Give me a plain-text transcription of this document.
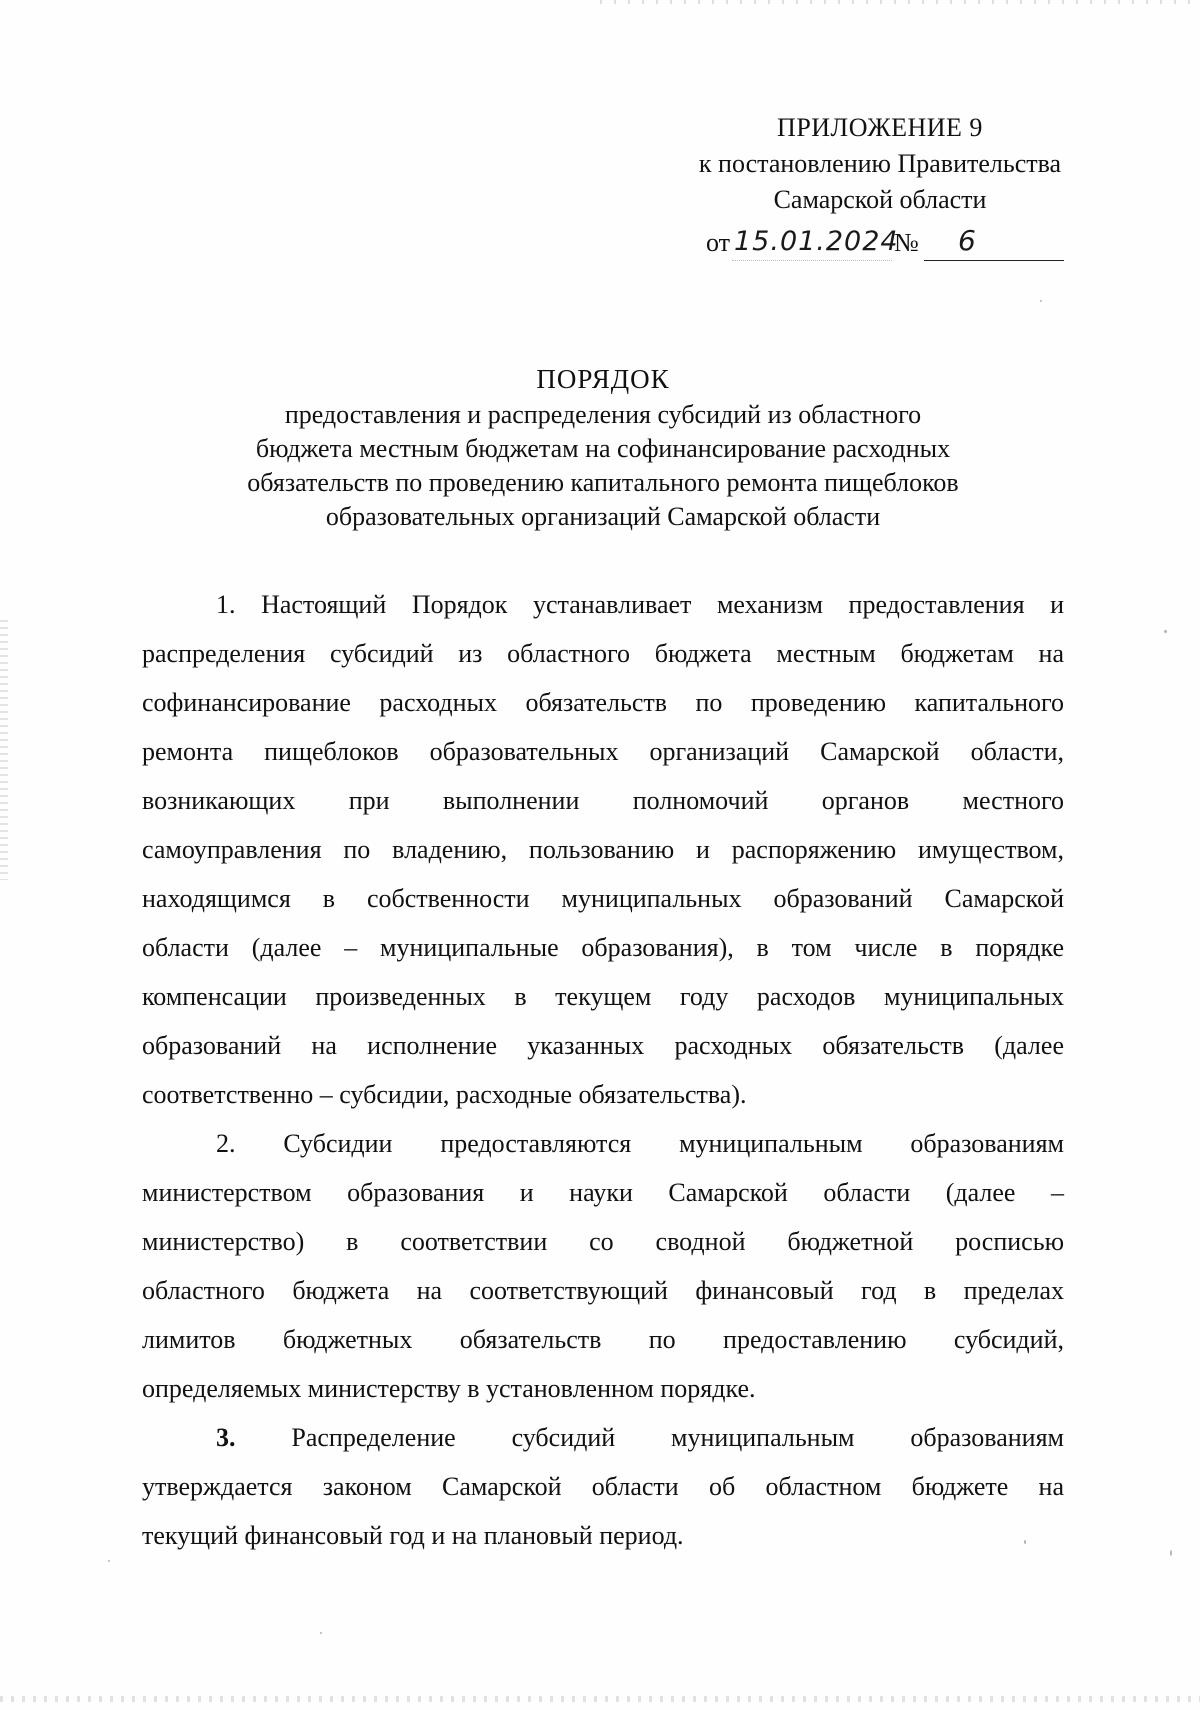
ПРИЛОЖЕНИЕ 9
к постановлению Правительства
Самарской области
от 15.01.2024
№ 6
ПОРЯДОК
предоставления и распределения субсидий из областного
бюджета местным бюджетам на софинансирование расходных
обязательств по проведению капитального ремонта пищеблоков
образовательных организаций Самарской области
1. Настоящий Порядок устанавливает механизм предоставления и
распределения субсидий из областного бюджета местным бюджетам на
софинансирование расходных обязательств по проведению капитального
ремонта пищеблоков образовательных организаций Самарской области,
возникающих при выполнении полномочий органов местного
самоуправления по владению, пользованию и распоряжению имуществом,
находящимся в собственности муниципальных образований Самарской
области (далее – муниципальные образования), в том числе в порядке
компенсации произведенных в текущем году расходов муниципальных
образований на исполнение указанных расходных обязательств (далее
соответственно – субсидии, расходные обязательства).
2. Субсидии предоставляются муниципальным образованиям
министерством образования и науки Самарской области (далее –
министерство) в соответствии со сводной бюджетной росписью
областного бюджета на соответствующий финансовый год в пределах
лимитов бюджетных обязательств по предоставлению субсидий,
определяемых министерству в установленном порядке.
3. Распределение субсидий муниципальным образованиям
утверждается законом Самарской области об областном бюджете на
текущий финансовый год и на плановый период.
